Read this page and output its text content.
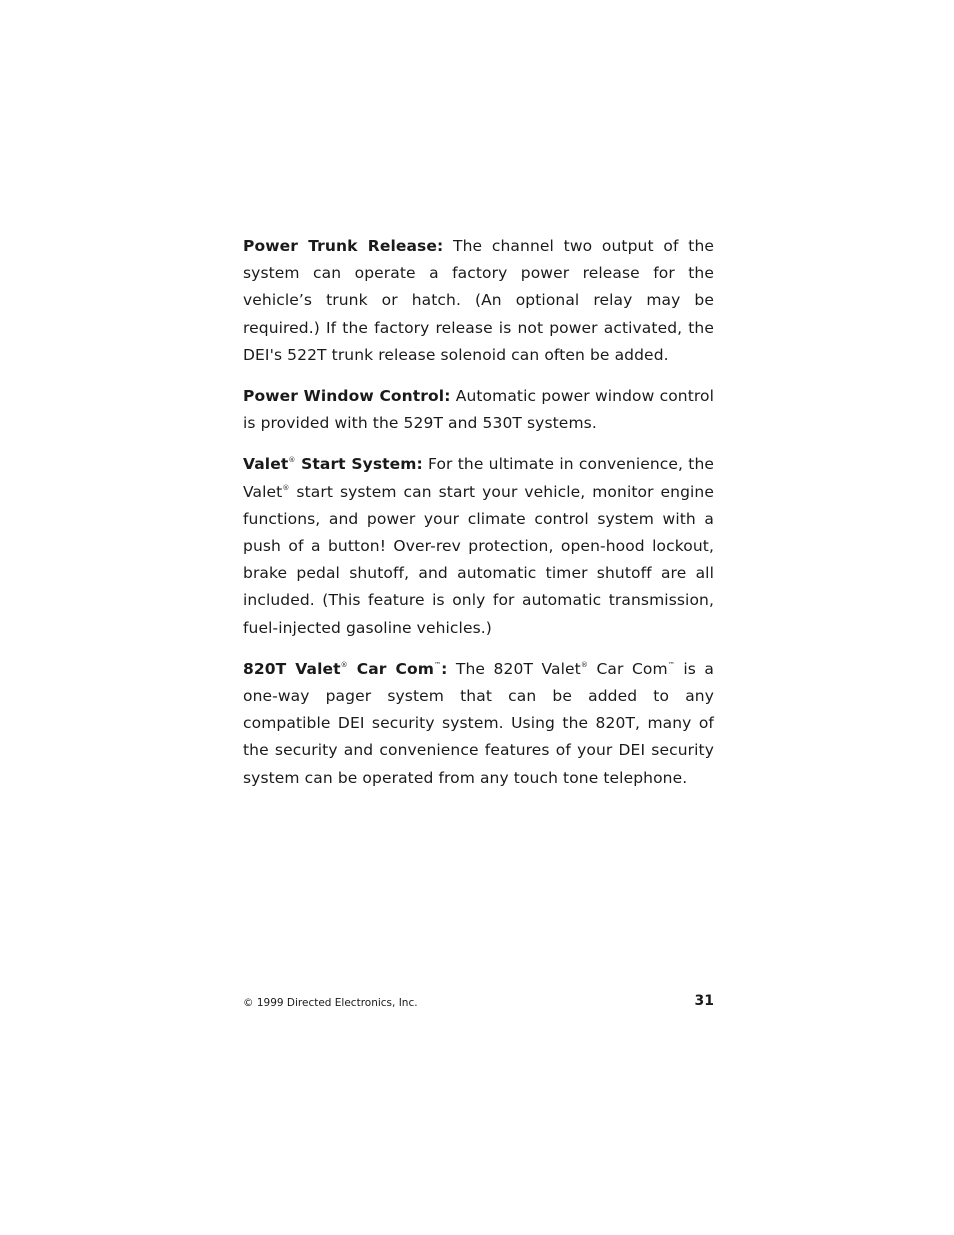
Power Trunk Release: The channel two output of the system can operate a factory power release for the vehicle’s trunk or hatch. (An optional relay may be required.) If the factory release is not power activated, the DEI's 522T trunk release solenoid can often be added.

Power Window Control: Automatic power window control is provided with the 529T and 530T systems.

Valet® Start System: For the ultimate in convenience, the Valet® start system can start your vehicle, monitor engine functions, and power your climate control system with a push of a button! Over-rev protection, open-hood lockout, brake pedal shutoff, and automatic timer shutoff are all included. (This feature is only for automatic transmission, fuel-injected gasoline vehicles.)

820T Valet® Car Com™: The 820T Valet® Car Com™ is a one-way pager system that can be added to any compatible DEI security system. Using the 820T, many of the security and convenience features of your DEI security system can be operated from any touch tone telephone.

© 1999 Directed Electronics, Inc.	31
